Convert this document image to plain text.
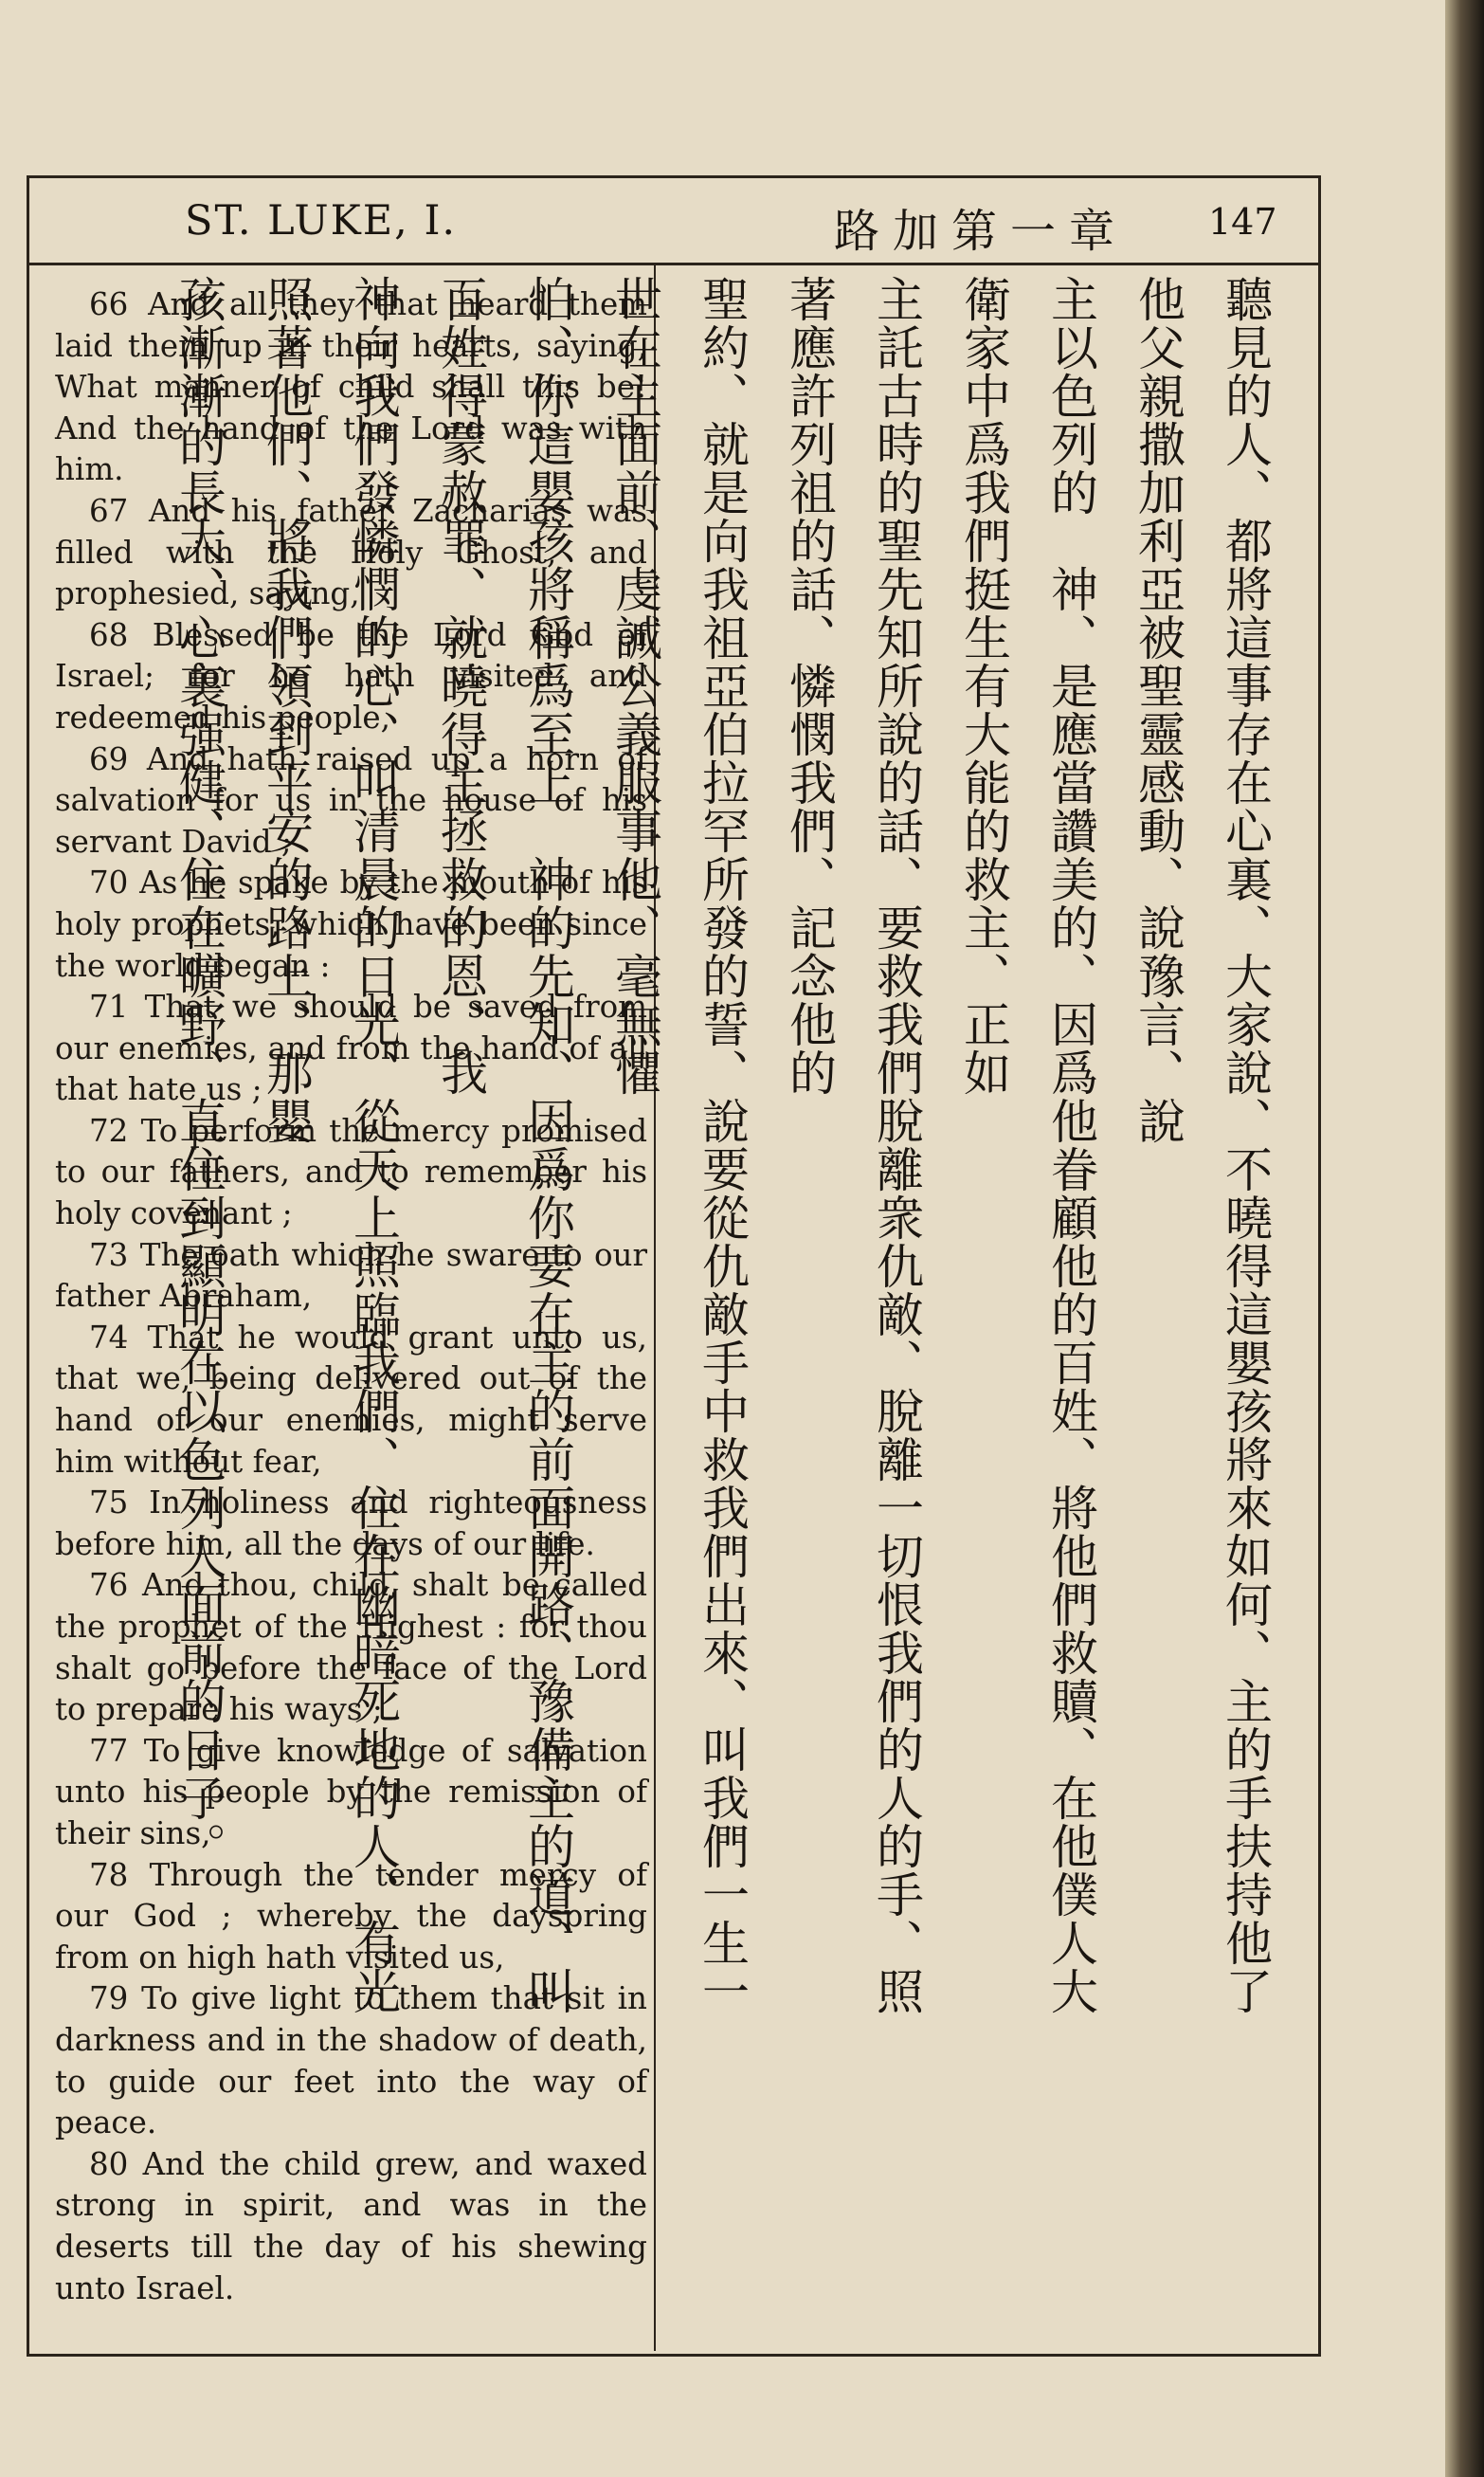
ST. LUKE, I.	路加第一章 147

66 And all they that heard them laid them up in their hearts, saying, What manner of child shall this be! And the hand of the Lord was with him.

67 And his father Zacharias was filled with the Holy Ghost, and prophesied, saying,

68 Blessed be the Lord God of Israel; for he hath visited and redeemed his people,

69 And hath raised up a horn of salvation for us in the house of his servant David ;

70 As he spake by the mouth of his holy prophets, which have been since the world began :

71 That we should be saved from our enemies, and from the hand of all that hate us ;

72 To perform the mercy promised to our fathers, and to remember his holy covenant ;

73 The oath which he sware to our father Abraham,

74 That he would grant unto us, that we, being delivered out of the hand of our enemies, might serve him without fear,

75 In holiness and righteousness before him, all the days of our life.

76 And thou, child, shalt be called the prophet of the Highest : for thou shalt go before the face of the Lord to prepare his ways ;

77 To give knowledge of salvation unto his people by the remission of their sins,

78 Through the tender mercy of our God ; whereby the dayspring from on high hath visited us,

79 To give light to them that sit in darkness and in the shadow of death, to guide our feet into the way of peace.

80 And the child grew, and waxed strong in spirit, and was in the deserts till the day of his shewing unto Israel.

聽見的人、都將這事存在心裏、大家說、不曉得這嬰孩將來如何、主的手扶持他了他父親撒加利亞被聖靈感動、說豫言、說
主以色列的　神、是應當讚美的、因爲他眷顧他的百姓、將他們救贖、在他僕人大衛家中爲我們挺生有大能的救主、正如
主託古時的聖先知所說的話、要救我們脫離衆仇敵、脫離一切恨我們的人的手、照著應許列祖的話、憐憫我們、記念他的
聖約、就是向我祖亞伯拉罕所發的誓、說要從仇敵手中救我們出來、叫我們一生一世在主面前、虔誠公義服事他、毫無懼
怕、你這嬰孩將稱爲至上　神的先知、因爲你要在主的前面開路、豫備主的道、叫百姓得蒙赦罪、就曉得主拯救的恩、我
神向我們發憐憫的心、叫清晨的日光、從天上照臨我們、住在幽暗死地的人、有光照著他們、將我們領到平安的路上、那嬰
孩漸漸的長大、心裏强健、住在曠野、直住到顯明在以色列人面前的日子。
